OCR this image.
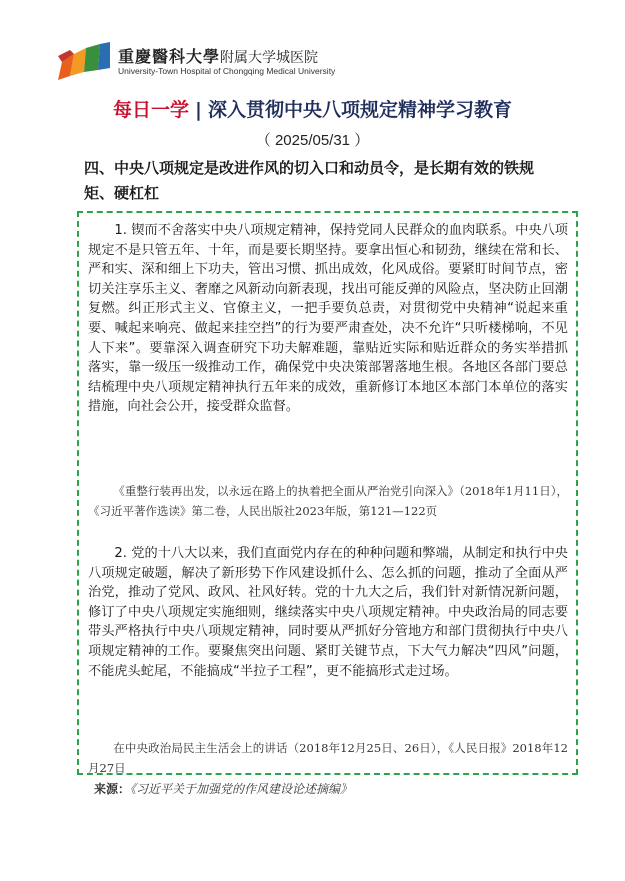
重慶醫科大學附属大学城医院
University-Town Hospital of Chongqing Medical University
每日一学 | 深入贯彻中央八项规定精神学习教育
（ 2025/05/31 ）
四、中央八项规定是改进作风的切入口和动员令，是长期有效的铁规矩、硬杠杠

1. 锲而不舍落实中央八项规定精神，保持党同人民群众的血肉联系。中央八项规定不是只管五年、十年，而是要长期坚持。要拿出恒心和韧劲，继续在常和长、严和实、深和细上下功夫，管出习惯、抓出成效，化风成俗。要紧盯时间节点，密切关注享乐主义、奢靡之风新动向新表现，找出可能反弹的风险点，坚决防止回潮复燃。纠正形式主义、官僚主义，一把手要负总责，对贯彻党中央精神“说起来重要、喊起来响亮、做起来挂空挡”的行为要严肃查处，决不允许“只听楼梯响，不见人下来”。要靠深入调查研究下功夫解难题，靠贴近实际和贴近群众的务实举措抓落实，靠一级压一级推动工作，确保党中央决策部署落地生根。各地区各部门要总结梳理中央八项规定精神执行五年来的成效，重新修订本地区本部门本单位的落实措施，向社会公开，接受群众监督。

《重整行装再出发，以永远在路上的执着把全面从严治党引向深入》（2018年1月11日），《习近平著作选读》第二卷，人民出版社2023年版，第121—122页

2. 党的十八大以来，我们直面党内存在的种种问题和弊端，从制定和执行中央八项规定破题，解决了新形势下作风建设抓什么、怎么抓的问题，推动了全面从严治党，推动了党风、政风、社风好转。党的十九大之后，我们针对新情况新问题，修订了中央八项规定实施细则，继续落实中央八项规定精神。中央政治局的同志要带头严格执行中央八项规定精神，同时要从严抓好分管地方和部门贯彻执行中央八项规定精神的工作。要聚焦突出问题、紧盯关键节点，下大气力解决“四风”问题，不能虎头蛇尾，不能搞成“半拉子工程”，更不能搞形式走过场。

在中央政治局民主生活会上的讲话（2018年12月25日、26日），《人民日报》2018年12月27日

来源：《习近平关于加强党的作风建设论述摘编》
